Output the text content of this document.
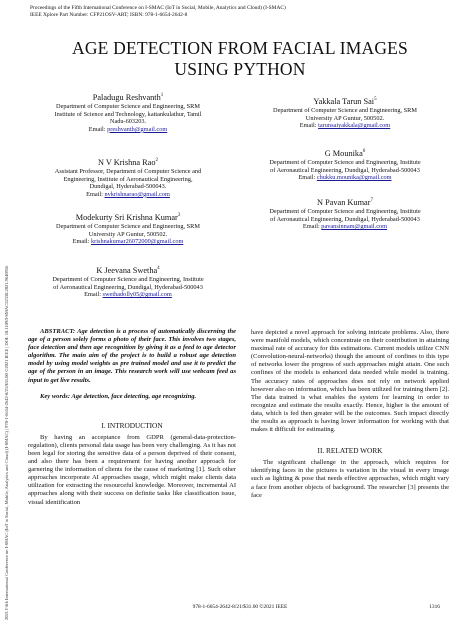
Proceedings of the Fifth International Conference on I-SMAC (IoT in Social, Mobile, Analytics and Cloud) (I-SMAC)
IEEE Xplore Part Number: CFP21OSV-ART; ISBN: 978-1-6654-2642-8
2021 Fifth International Conference on I-SMAC (IoT in Social, Mobile, Analytics and Cloud) (I-SMAC) | 978-1-6654-2642-8/21/$31.00 ©2021 IEEE | DOI: 10.1109/I-SMAC52330.2021.9640956
AGE DETECTION FROM FACIAL IMAGES
USING PYTHON
Paladugu Reshvanth$^1$
Department of Computer Science and Engineering, SRM
Institute of Science and Technology, kattankulathur, Tamil
Nadu-603203.
Email: preshvanth@gmail.com
N V Krishna Rao$^2$
Assistant Professor, Department of Computer Science and
Engineering, Institute of Aeronautical Engineering,
Dundigal, Hyderabad-500043.
Email: nvkrishnarao@gmail.com
Modekurty Sri Krishna Kumar$^3$
Department of Computer Science and Engineering, SRM
University AP Guntur, 500502.
Email: krishnakumar26072000@gmail.com
K Jeevana Swetha$^4$
Department of Computer Science and Engineering, Institute
of Aeronautical Engineering, Dundigal, Hyderabad-500043
Email: swethadolly05@gmail.com
Yakkala Tarun Sai$^5$
Department of Computer Science and Engineering, SRM
University AP Guntur, 500502.
Email: tarunsaiyakkala@gmail.com
G Mounika$^6$
Department of Computer Science and Engineering, Institute
of Aeronautical Engineering, Dundigal, Hyderabad-500043
Email: chukku.mounika@gmail.com
N Pavan Kumar$^7$
Department of Computer Science and Engineering, Institute
of Aeronautical Engineering, Dundigal, Hyderabad-500043
Email: pavansinnam@gmail.com

ABSTRACT: Age detection is a process of automatically discerning the age of a person solely forms a photo of their face. This involves two stages, face detection and then age recognition by giving it as a feed to age detector algorithm. The main aim of the project is to build a robust age detection model by using model weights as pre trained model and use it to predict the age of the person in an image. This research work will use webcam feed as input to get live results.

Key words: Age detection, face detecting, age recognizing.

I. INTRODUCTION

By having an acceptance from GDPR (general-data-protection-regulation), clients personal data usage has been very challenging. As it has not been legal for storing the sensitive data of a person deprived of their consent, and also there has been a requirement for having another approach for garnering the information of clients for the cause of marketing [1]. Such other approaches incorporate AI approaches usage, which might make clients data utilization for extracting the resourceful knowledge. Moreover, incremental AI approaches along with their success on definite tasks like classification issue, visual identification

have depicted a novel approach for solving intricate problems. Also, there were manifold models, which concentrate on their contribution in attaining maximal rate of accuracy for this estimations. Current models utilize CNN (Convolution-neural-networks) though the amount of confines to this type of networks lower the progress of such approaches might attain. One such confines of the models is enhanced data needed while model is training. The accuracy rates of approaches does not rely on network applied however also on information, which has been utilized for training them [2]. The data trained is what enables the system for learning in order to recognize and estimate the results exactly. Hence, higher is the amount of data, which is fed then greater will be the outcomes. Such impact directly the results as approach is having lower information for working with that makes it difficult for estimating.

II. RELATED WORK

The significant challenge in the approach, which requires for identifying faces in the pictures is variation in the visual in every image such as lighting & pose that needs effective approaches, which might vary a face from another objects of background. The researcher [3] presents the face

978-1-6654-2642-8/21/$31.00 ©2021 IEEE	1316
